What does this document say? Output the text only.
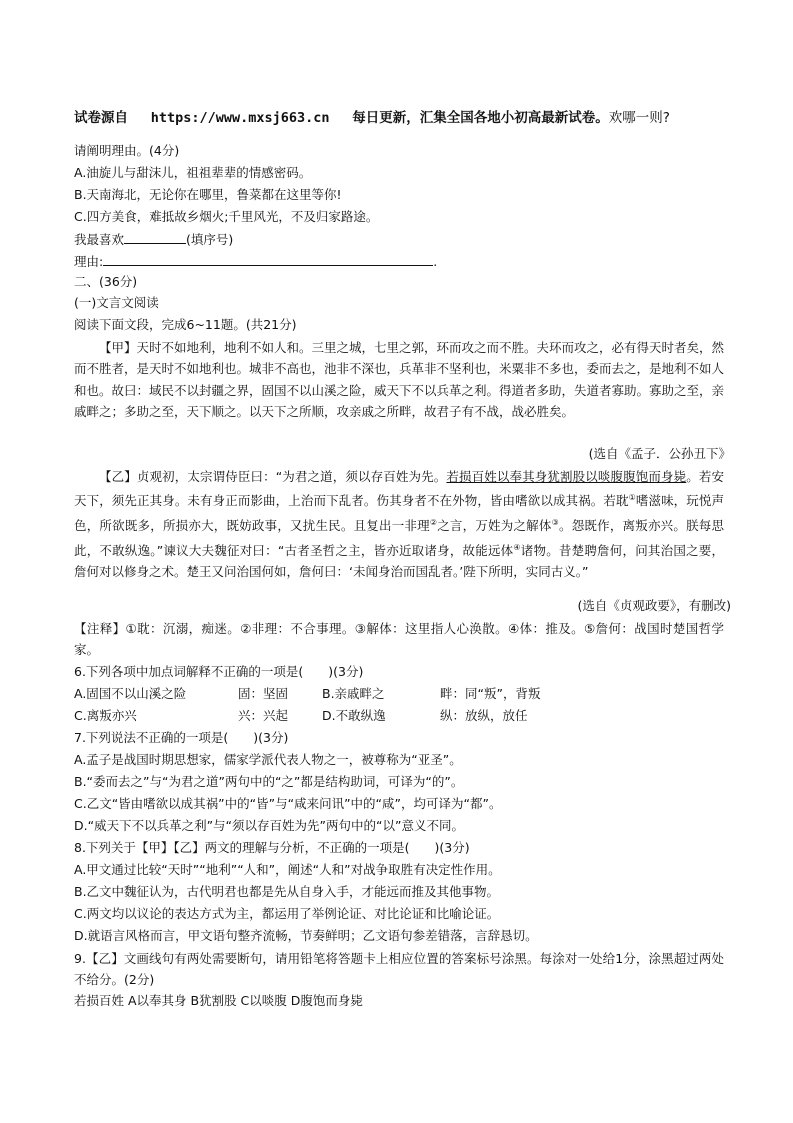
试卷源自 https://www.mxsj663.cn 每日更新，汇集全国各地小初高最新试卷。欢哪一则?
请阐明理由。(4分)
A.油旋儿与甜沫儿，祖祖辈辈的情感密码。
B.天南海北，无论你在哪里，鲁菜都在这里等你!
C.四方美食，难抵故乡烟火;千里风光，不及归家路途。
我最喜欢	(填序号)
理由:	.
二、(36分)
(一)文言文阅读
阅读下面文段，完成6~11题。(共21分)
【甲】天时不如地利，地利不如人和。三里之城，七里之郭，环而攻之而不胜。夫环而攻之，必有得天时者矣，然而不胜者，是天时不如地利也。城非不高也，池非不深也，兵革非不坚利也，米粟非不多也，委而去之，是地利不如人和也。故曰：域民不以封疆之界，固国不以山溪之险，威天下不以兵革之利。得道者多助，失道者寡助。寡助之至，亲戚畔之；多助之至，天下顺之。以天下之所顺，攻亲戚之所畔，故君子有不战，战必胜矣。
(选自《孟子．公孙丑下》
【乙】贞观初，太宗谓侍臣曰：“为君之道，须以存百姓为先。若损百姓以奉其身犹割股以啖腹腹饱而身毙。若安天下，须先正其身。未有身正而影曲，上治而下乱者。伤其身者不在外物，皆由嗜欲以成其祸。若耽①嗜滋味，玩悦声色，所欲既多，所损亦大，既妨政事，又扰生民。且复出一非理②之言，万姓为之解体③。怨既作，离叛亦兴。朕每思此，不敢纵逸。”谏议大夫魏征对曰：“古者圣哲之主，皆亦近取诸身，故能远体④诸物。昔楚聘詹何，问其治国之要，詹何对以修身之术。楚王又问治国何如，詹何曰：‘未闻身治而国乱者。’陛下所明，实同古义。”
(选自《贞观政要》，有删改)
【注释】①耽：沉溺，痴迷。②非理：不合事理。③解体：这里指人心涣散。④体：推及。⑤詹何：战国时楚国哲学家。
6.下列各项中加点词解释不正确的一项是(　　)(3分)
A.固国不以山溪之险	固：坚固	B.亲戚畔之	畔：同“叛”，背叛
C.离叛亦兴	兴：兴起	D.不敢纵逸	纵：放纵，放任
7.下列说法不正确的一项是(　　)(3分)
A.孟子是战国时期思想家，儒家学派代表人物之一，被尊称为“亚圣”。
B.“委而去之”与“为君之道”两句中的“之”都是结构助词，可译为“的”。
C.乙文“皆由嗜欲以成其祸”中的“皆”与“咸来问讯”中的“咸”，均可译为“都”。
D.“威天下不以兵革之利”与“须以存百姓为先”两句中的“以”意义不同。
8.下列关于【甲】【乙】两文的理解与分析，不正确的一项是(　　)(3分)
A.甲文通过比较“天时”“地利”“人和”，阐述“人和”对战争取胜有决定性作用。
B.乙文中魏征认为，古代明君也都是先从自身入手，才能远而推及其他事物。
C.两文均以议论的表达方式为主，都运用了举例论证、对比论证和比喻论证。
D.就语言风格而言，甲文语句整齐流畅，节奏鲜明；乙文语句参差错落，言辞恳切。
9.【乙】文画线句有两处需要断句，请用铅笔将答题卡上相应位置的答案标号涂黑。每涂对一处给1分，涂黑超过两处不给分。(2分)
若损百姓 A以奉其身 B犹割股 C以啖腹 D腹饱而身毙
